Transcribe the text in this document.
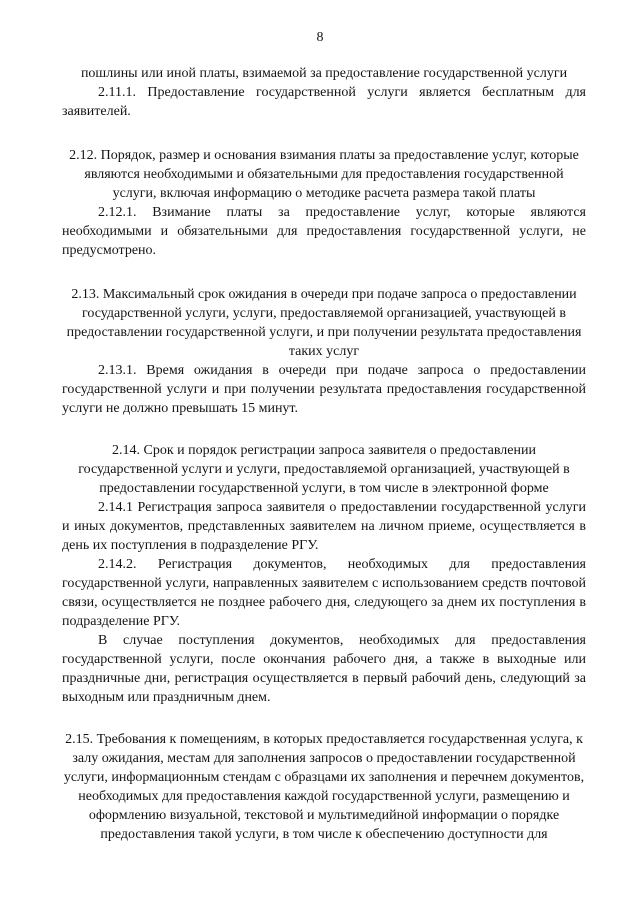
8

пошлины или иной платы, взимаемой за предоставление государственной услуги

2.11.1. Предоставление государственной услуги является бесплатным для заявителей.

2.12. Порядок, размер и основания взимания платы за предоставление услуг, которые являются необходимыми и обязательными для предоставления государственной услуги, включая информацию о методике расчета размера такой платы

2.12.1. Взимание платы за предоставление услуг, которые являются необходимыми и обязательными для предоставления государственной услуги, не предусмотрено.

2.13. Максимальный срок ожидания в очереди при подаче запроса о предоставлении государственной услуги, услуги, предоставляемой организацией, участвующей в предоставлении государственной услуги, и при получении результата предоставления таких услуг

2.13.1. Время ожидания в очереди при подаче запроса о предоставлении государственной услуги и при получении результата предоставления государственной услуги не должно превышать 15 минут.

2.14. Срок и порядок регистрации запроса заявителя о предоставлении государственной услуги и услуги, предоставляемой организацией, участвующей в предоставлении государственной услуги, в том числе в электронной форме

2.14.1 Регистрация запроса заявителя о предоставлении государственной услуги и иных документов, представленных заявителем на личном приеме, осуществляется в день их поступления в подразделение РГУ.

2.14.2. Регистрация документов, необходимых для предоставления государственной услуги, направленных заявителем с использованием средств почтовой связи, осуществляется не позднее рабочего дня, следующего за днем их поступления в подразделение РГУ.

В случае поступления документов, необходимых для предоставления государственной услуги, после окончания рабочего дня, а также в выходные или праздничные дни, регистрация осуществляется в первый рабочий день, следующий за выходным или праздничным днем.

2.15. Требования к помещениям, в которых предоставляется государственная услуга, к залу ожидания, местам для заполнения запросов о предоставлении государственной услуги, информационным стендам с образцами их заполнения и перечнем документов, необходимых для предоставления каждой государственной услуги, размещению и оформлению визуальной, текстовой и мультимедийной информации о порядке предоставления такой услуги, в том числе к обеспечению доступности для
